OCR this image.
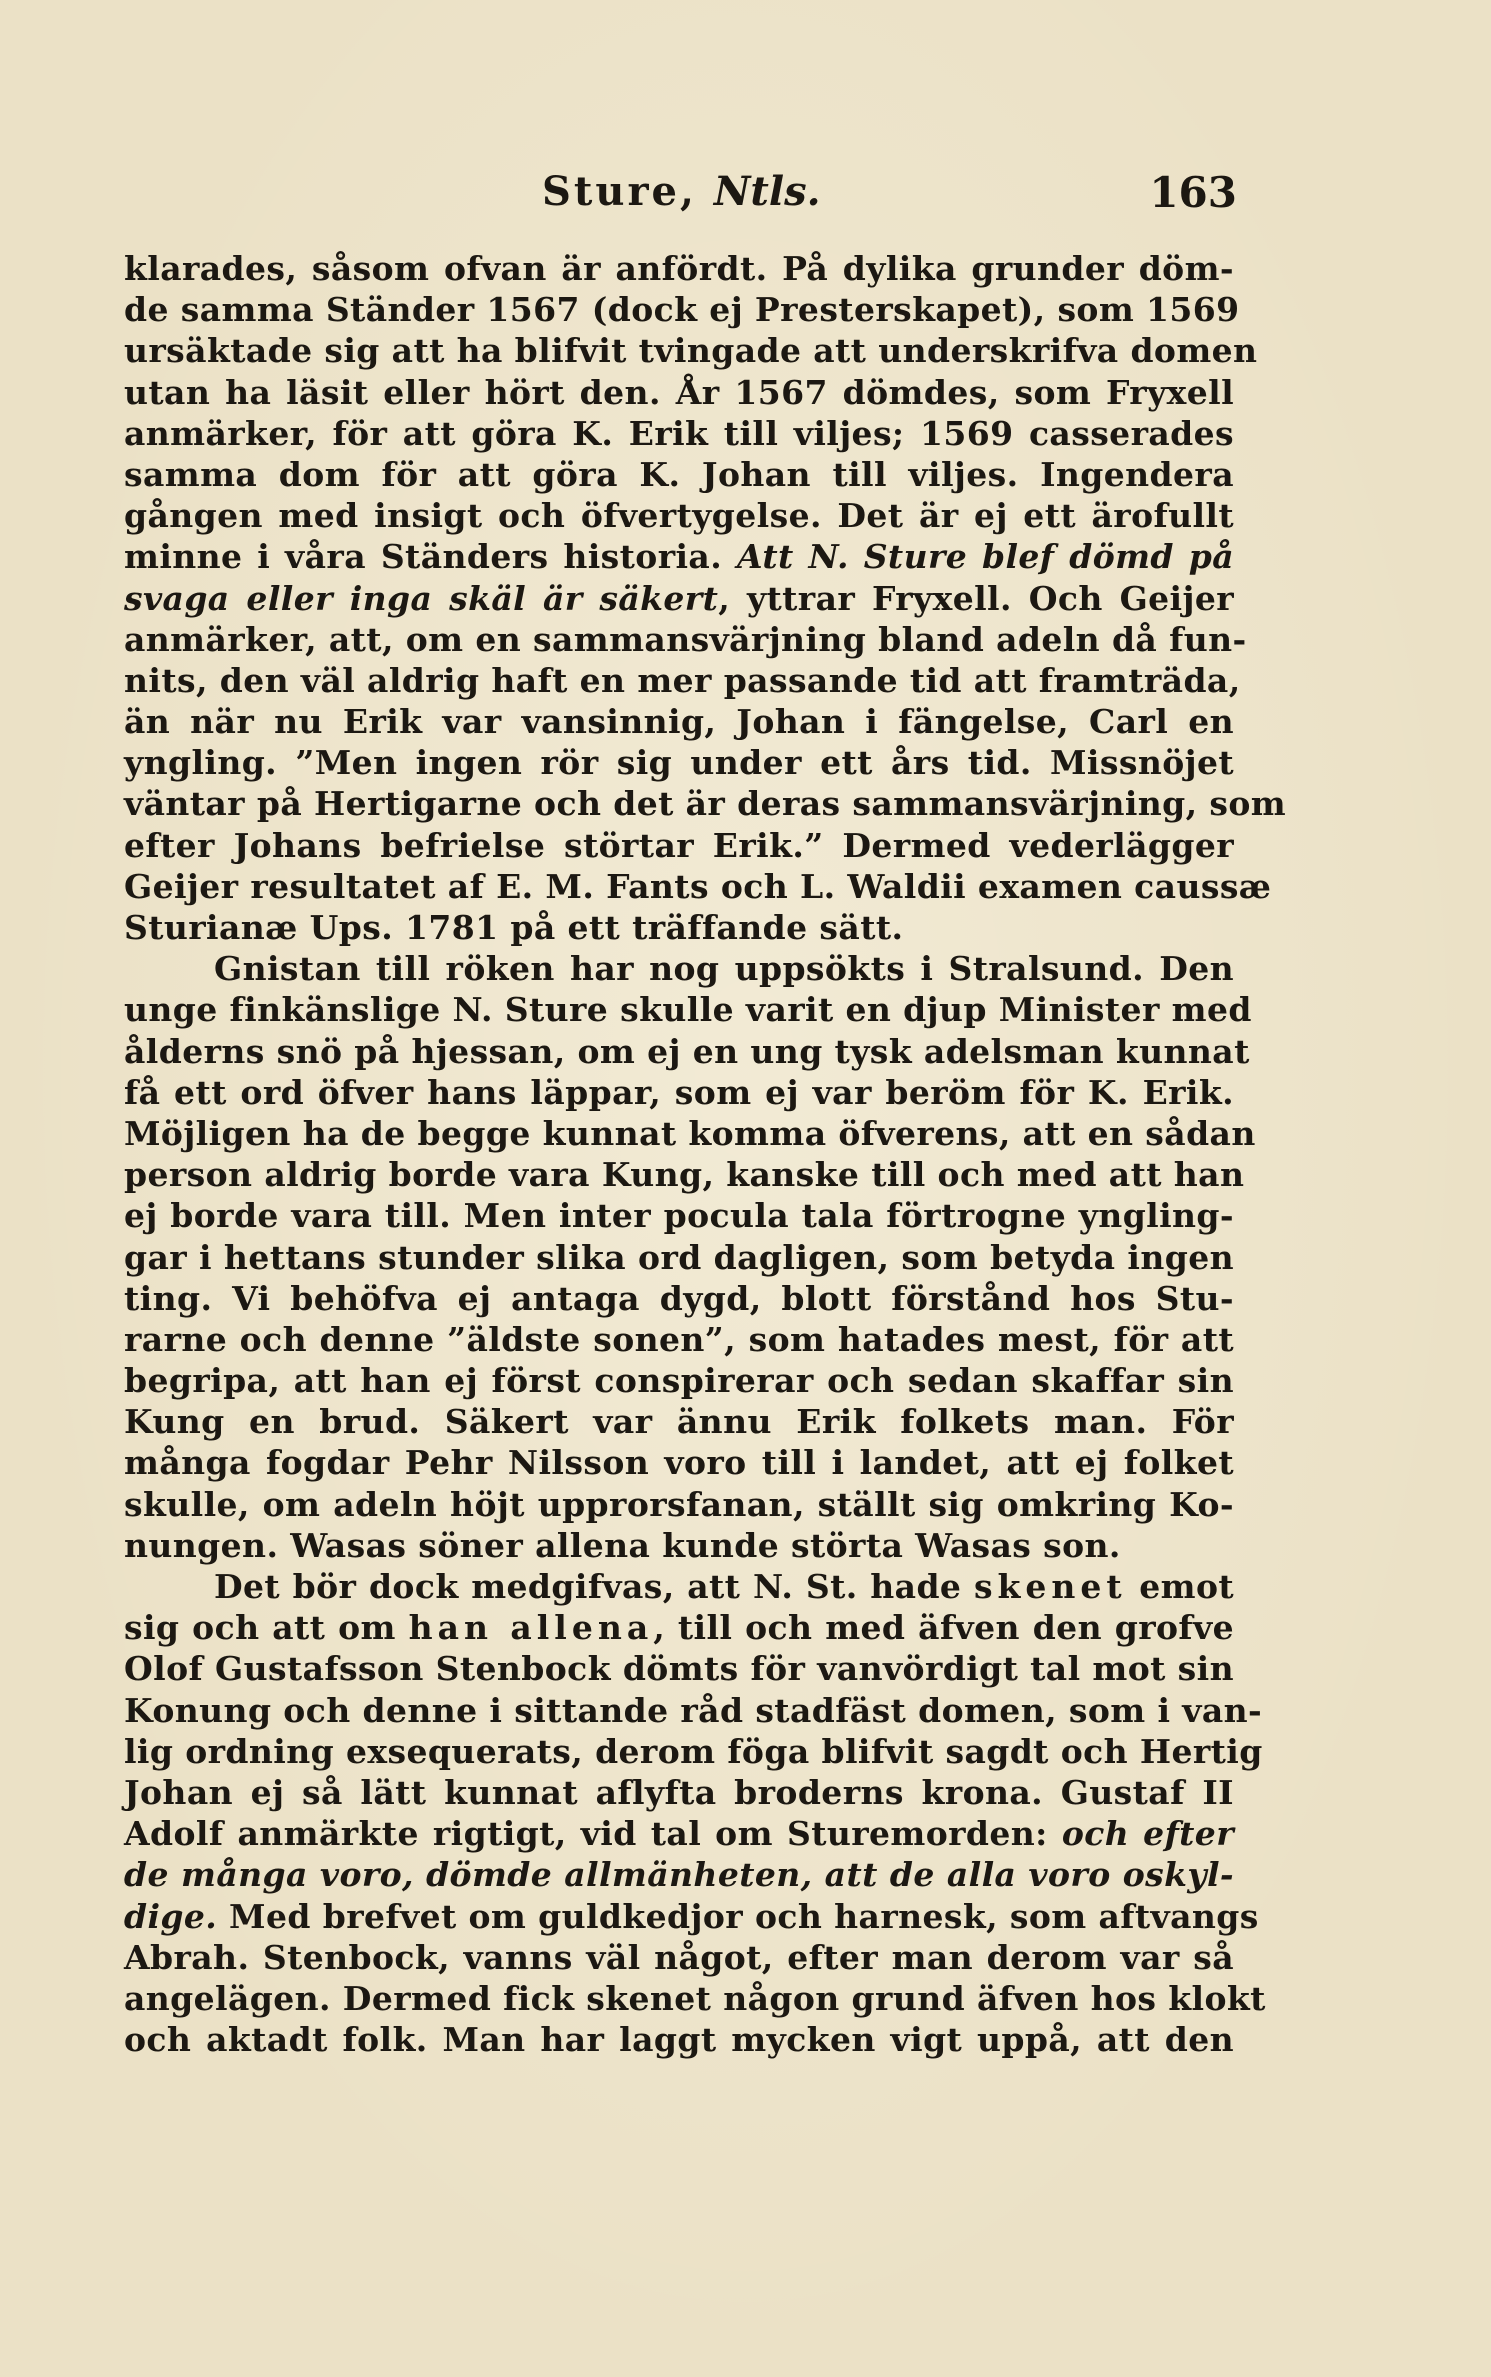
Sture, Ntls.	163
klarades, såsom ofvan är anfördt. På dylika grunder döm-
de samma Ständer 1567 (dock ej Presterskapet), som 1569
ursäktade sig att ha blifvit tvingade att underskrifva domen
utan ha läsit eller hört den. År 1567 dömdes, som Fryxell
anmärker, för att göra K. Erik till viljes; 1569 casserades
samma dom för att göra K. Johan till viljes. Ingendera
gången med insigt och öfvertygelse. Det är ej ett ärofullt
minne i våra Ständers historia. Att N. Sture blef dömd på
svaga eller inga skäl är säkert, yttrar Fryxell. Och Geijer
anmärker, att, om en sammansvärjning bland adeln då fun-
nits, den väl aldrig haft en mer passande tid att framträda,
än när nu Erik var vansinnig, Johan i fängelse, Carl en
yngling. ”Men ingen rör sig under ett års tid. Missnöjet
väntar på Hertigarne och det är deras sammansvärjning, som
efter Johans befrielse störtar Erik.” Dermed vederlägger
Geijer resultatet af E. M. Fants och L. Waldii examen caussæ
Sturianæ Ups. 1781 på ett träffande sätt.
Gnistan till röken har nog uppsökts i Stralsund. Den
unge finkänslige N. Sture skulle varit en djup Minister med
ålderns snö på hjessan, om ej en ung tysk adelsman kunnat
få ett ord öfver hans läppar, som ej var beröm för K. Erik.
Möjligen ha de begge kunnat komma öfverens, att en sådan
person aldrig borde vara Kung, kanske till och med att han
ej borde vara till. Men inter pocula tala förtrogne yngling-
gar i hettans stunder slika ord dagligen, som betyda ingen
ting. Vi behöfva ej antaga dygd, blott förstånd hos Stu-
rarne och denne ”äldste sonen”, som hatades mest, för att
begripa, att han ej först conspirerar och sedan skaffar sin
Kung en brud. Säkert var ännu Erik folkets man. För
många fogdar Pehr Nilsson voro till i landet, att ej folket
skulle, om adeln höjt upprorsfanan, ställt sig omkring Ko-
nungen. Wasas söner allena kunde störta Wasas son.
Det bör dock medgifvas, att N. St. hade skenet emot
sig och att om han allena, till och med äfven den grofve
Olof Gustafsson Stenbock dömts för vanvördigt tal mot sin
Konung och denne i sittande råd stadfäst domen, som i van-
lig ordning exsequerats, derom föga blifvit sagdt och Hertig
Johan ej så lätt kunnat aflyfta broderns krona. Gustaf II
Adolf anmärkte rigtigt, vid tal om Sturemorden: och efter
de många voro, dömde allmänheten, att de alla voro oskyl-
dige. Med brefvet om guldkedjor och harnesk, som aftvangs
Abrah. Stenbock, vanns väl något, efter man derom var så
angelägen. Dermed fick skenet någon grund äfven hos klokt
och aktadt folk. Man har laggt mycken vigt uppå, att den
